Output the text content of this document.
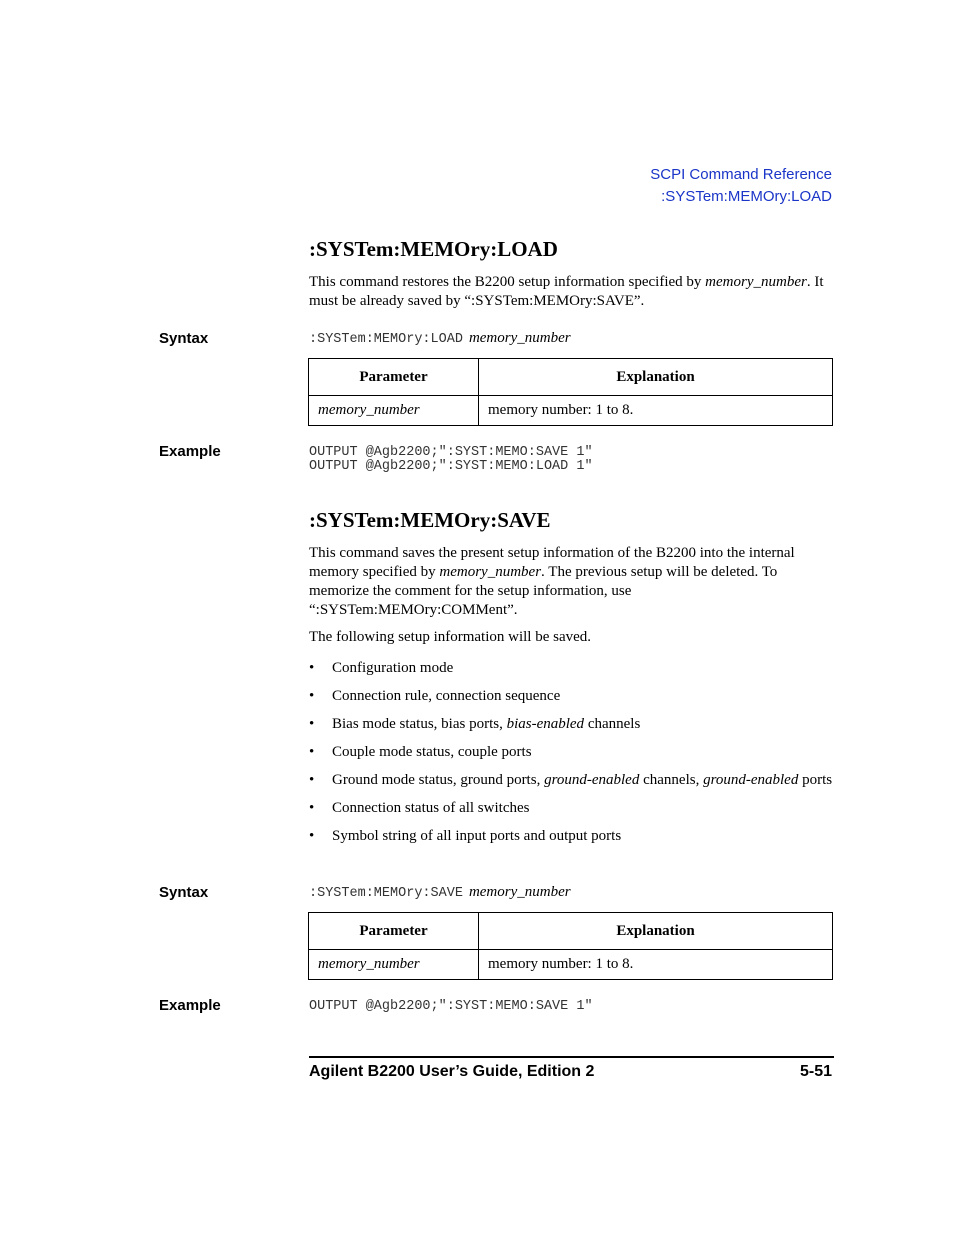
SCPI Command Reference
:SYSTem:MEMOry:LOAD
:SYSTem:MEMOry:LOAD
This command restores the B2200 setup information specified by memory_number. It must be already saved by “:SYSTem:MEMOry:SAVE”.
Syntax	:SYSTem:MEMOry:LOAD memory_number
Parameter	Explanation
memory_number	memory number: 1 to 8.
Example	OUTPUT @Agb2200;":SYST:MEMO:SAVE 1"
OUTPUT @Agb2200;":SYST:MEMO:LOAD 1"
:SYSTem:MEMOry:SAVE
This command saves the present setup information of the B2200 into the internal memory specified by memory_number. The previous setup will be deleted. To memorize the comment for the setup information, use “:SYSTem:MEMOry:COMMent”.
The following setup information will be saved.
• Configuration mode
• Connection rule, connection sequence
• Bias mode status, bias ports, bias-enabled channels
• Couple mode status, couple ports
• Ground mode status, ground ports, ground-enabled channels, ground-enabled ports
• Connection status of all switches
• Symbol string of all input ports and output ports
Syntax	:SYSTem:MEMOry:SAVE memory_number
Parameter	Explanation
memory_number	memory number: 1 to 8.
Example	OUTPUT @Agb2200;":SYST:MEMO:SAVE 1"
Agilent B2200 User’s Guide, Edition 2	5-51
